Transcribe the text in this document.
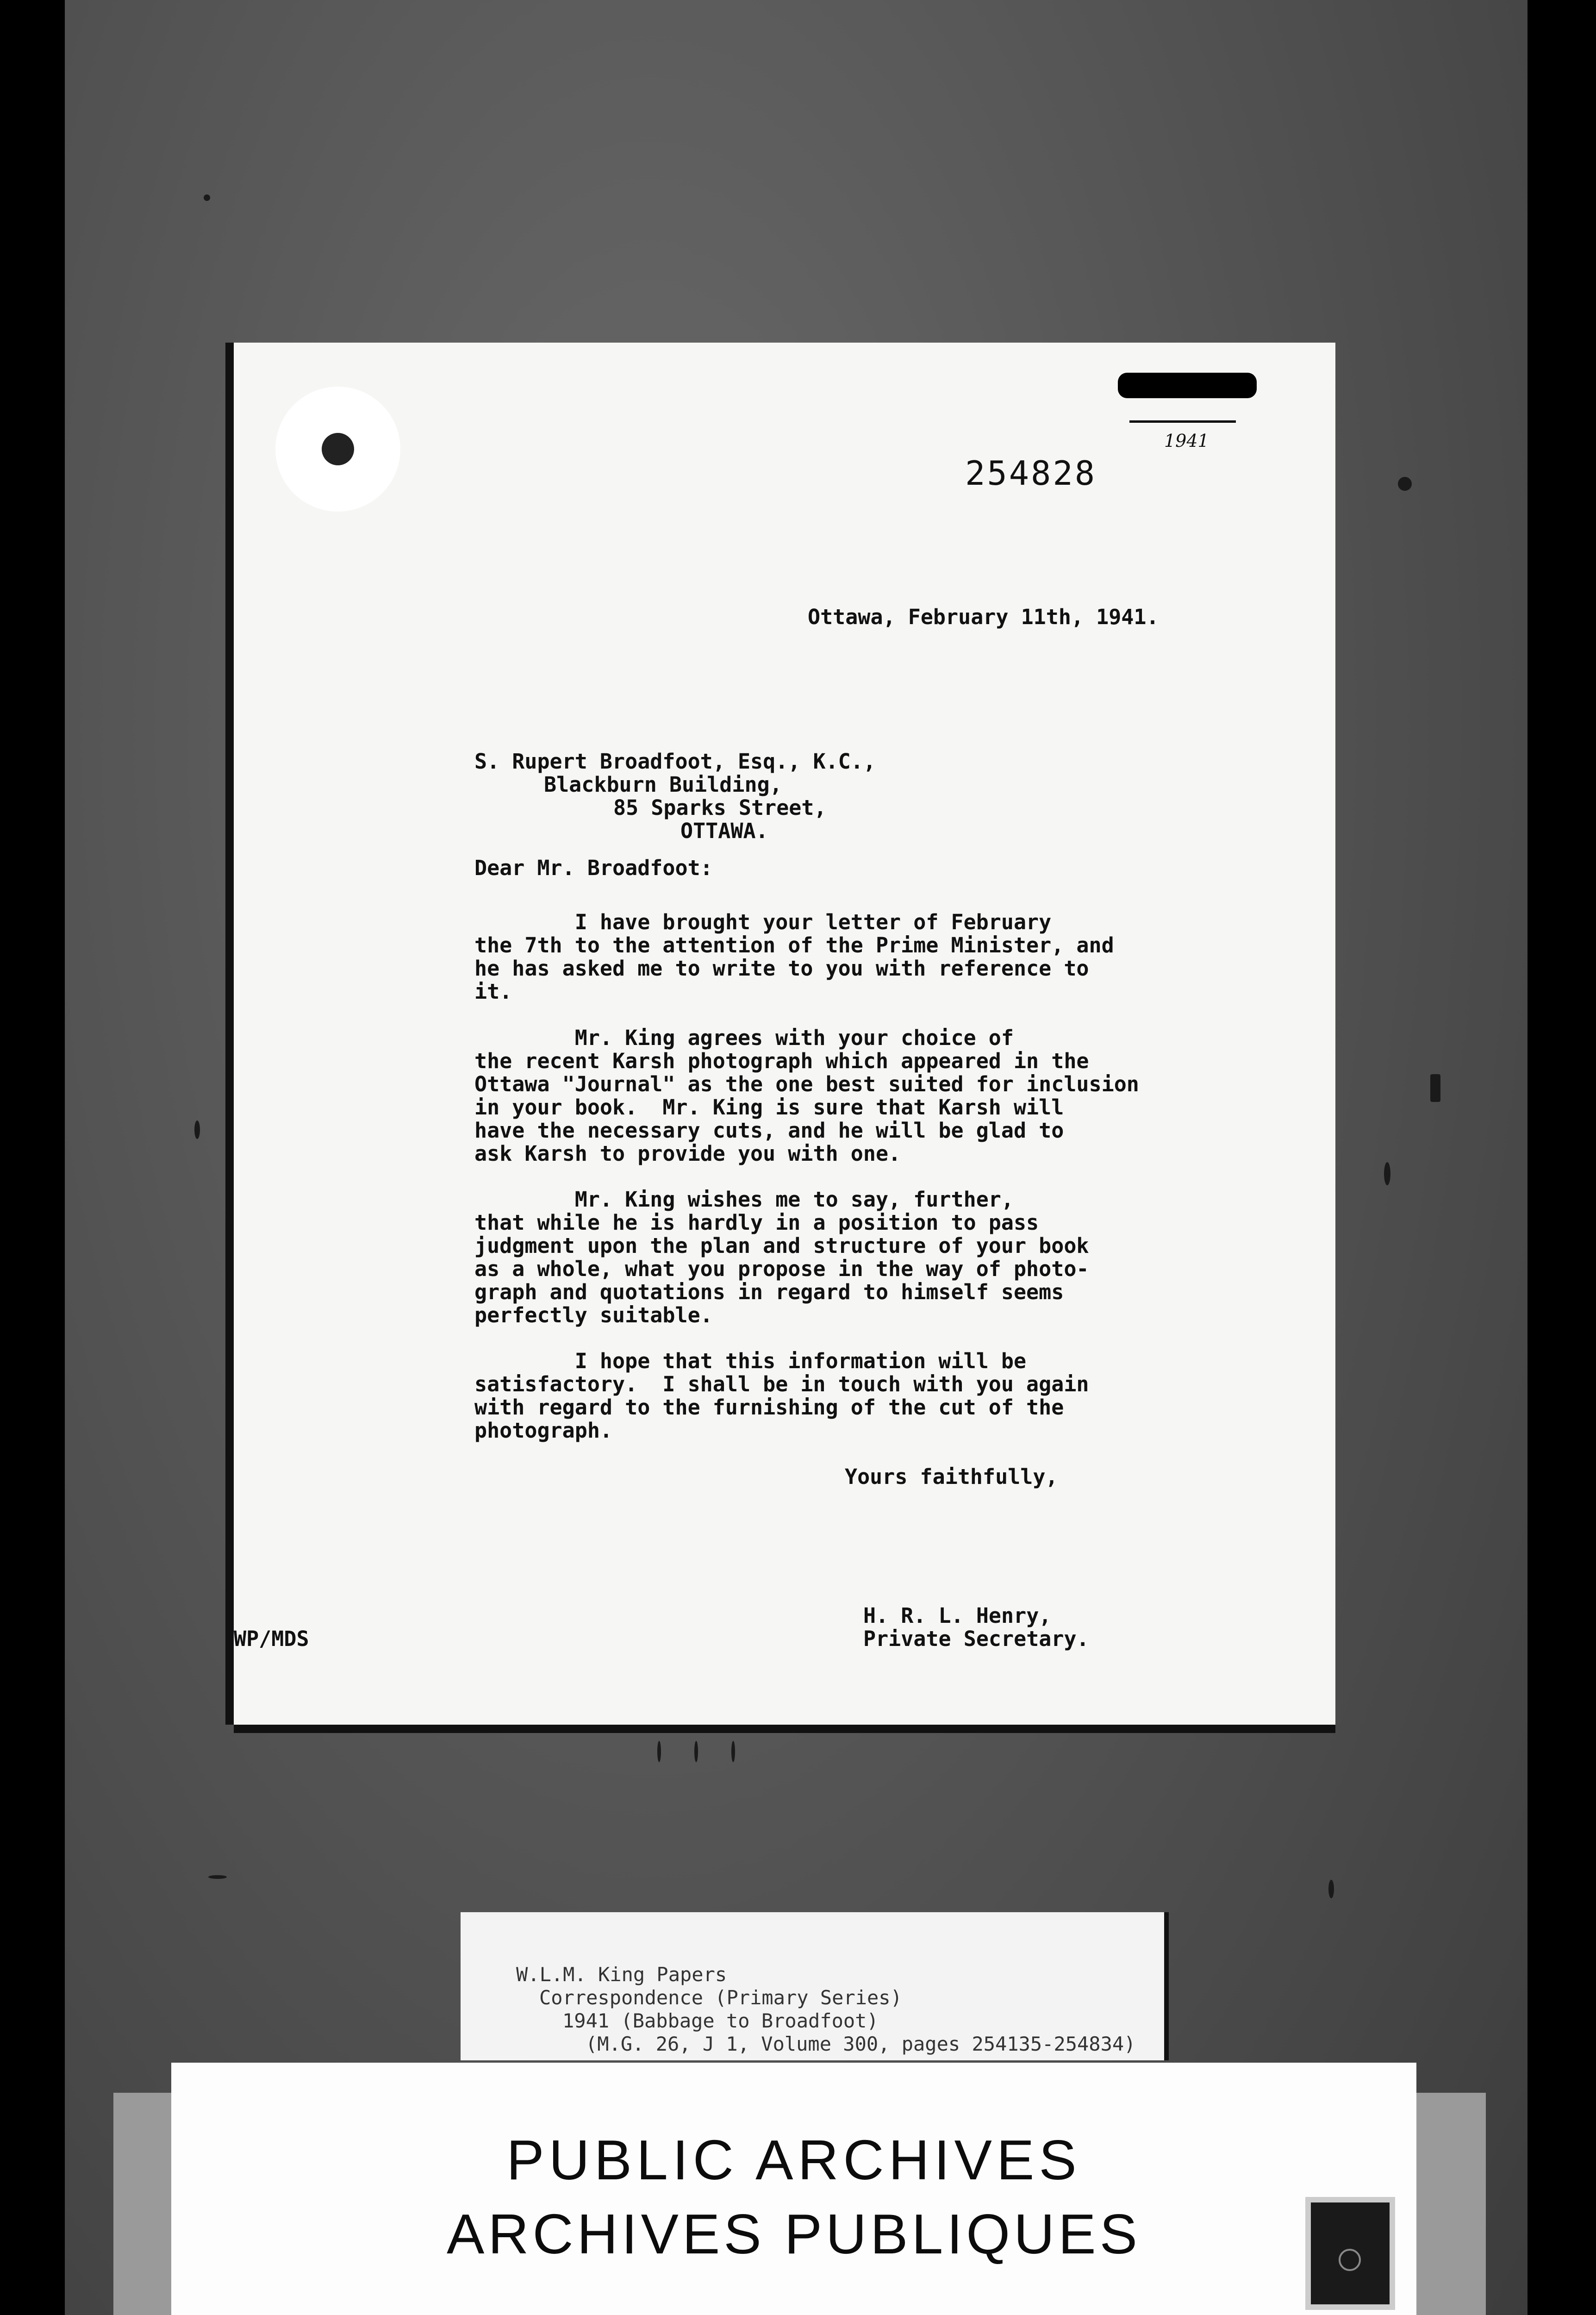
1941
254828

Ottawa, February 11th, 1941.

S. Rupert Broadfoot, Esq., K.C.,
Blackburn Building,
85 Sparks Street,
OTTAWA.

Dear Mr. Broadfoot:

I have brought your letter of February
the 7th to the attention of the Prime Minister, and
he has asked me to write to you with reference to
it.

Mr. King agrees with your choice of
the recent Karsh photograph which appeared in the
Ottawa "Journal" as the one best suited for inclusion
in your book.  Mr. King is sure that Karsh will
have the necessary cuts, and he will be glad to
ask Karsh to provide you with one.

Mr. King wishes me to say, further,
that while he is hardly in a position to pass
judgment upon the plan and structure of your book
as a whole, what you propose in the way of photo-
graph and quotations in regard to himself seems
perfectly suitable.

I hope that this information will be
satisfactory.  I shall be in touch with you again
with regard to the furnishing of the cut of the
photograph.

Yours faithfully,

WP/MDS

H. R. L. Henry,
Private Secretary.
W.L.M. King Papers
Correspondence (Primary Series)
1941 (Babbage to Broadfoot)
(M.G. 26, J 1, Volume 300, pages 254135-254834)
PUBLIC ARCHIVES
ARCHIVES PUBLIQUES
